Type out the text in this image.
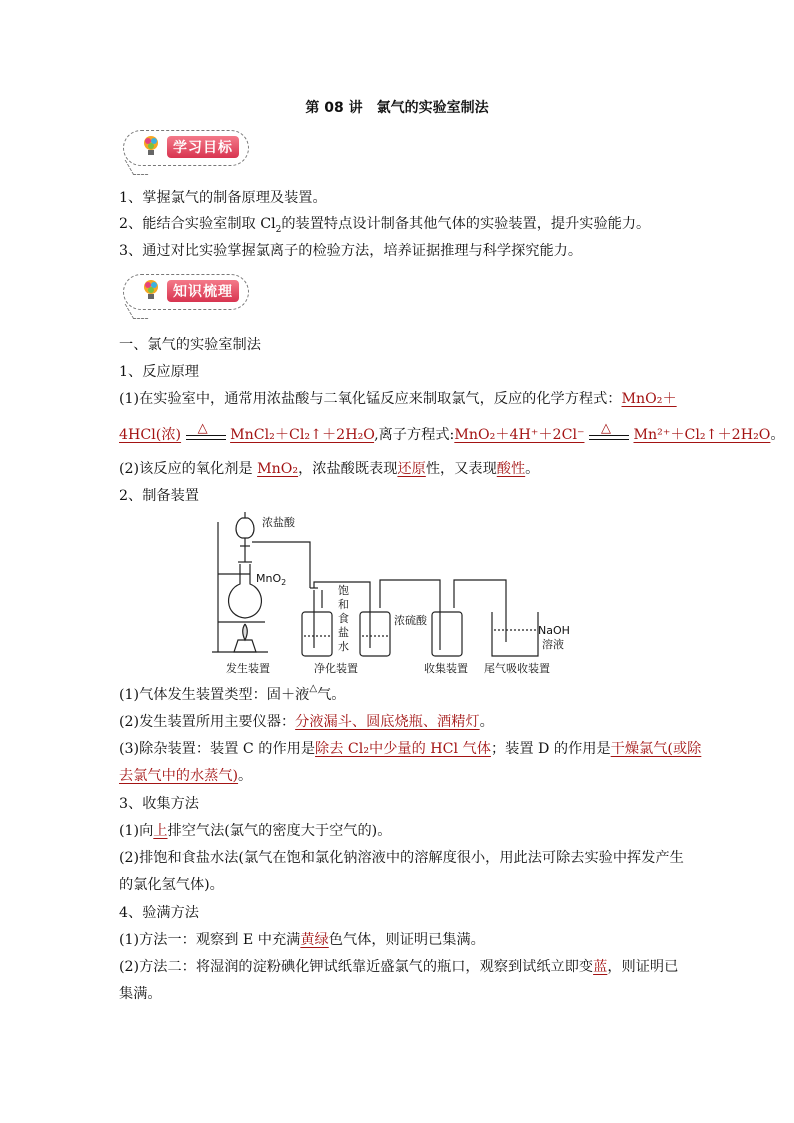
第 08 讲　氯气的实验室制法
学习目标
1、掌握氯气的制备原理及装置。
2、能结合实验室制取 $Cl_2$的装置特点设计制备其他气体的实验装置，提升实验能力。
3、通过对比实验掌握氯离子的检验方法，培养证据推理与科学探究能力。
知识梳理
一、氯气的实验室制法
1、反应原理
(1)在实验室中，通常用浓盐酸与二氧化锰反应来制取氯气，反应的化学方程式：MnO₂＋
4HCl(浓) △ MnCl₂＋Cl₂↑＋2H₂O,离子方程式:MnO₂＋4H⁺＋2Cl⁻ △ Mn²⁺＋Cl₂↑＋2H₂O。
(2)该反应的氧化剂是 MnO₂，浓盐酸既表现还原性，又表现酸性。
2、制备装置
浓盐酸
MnO$_2$
饱
和
食
盐
水
浓硫酸
NaOH
溶液
发生装置	净化装置	收集装置 尾气吸收装置
(1)气体发生装置类型：固＋液△气。
(2)发生装置所用主要仪器：分液漏斗、圆底烧瓶、酒精灯。
(3)除杂装置：装置 C 的作用是除去 Cl₂中少量的 HCl 气体；装置 D 的作用是干燥氯气(或除
去氯气中的水蒸气)。
3、收集方法
(1)向上排空气法(氯气的密度大于空气的)。
(2)排饱和食盐水法(氯气在饱和氯化钠溶液中的溶解度很小，用此法可除去实验中挥发产生
的氯化氢气体)。
4、验满方法
(1)方法一：观察到 E 中充满黄绿色气体，则证明已集满。
(2)方法二：将湿润的淀粉碘化钾试纸靠近盛氯气的瓶口，观察到试纸立即变蓝，则证明已
集满。
